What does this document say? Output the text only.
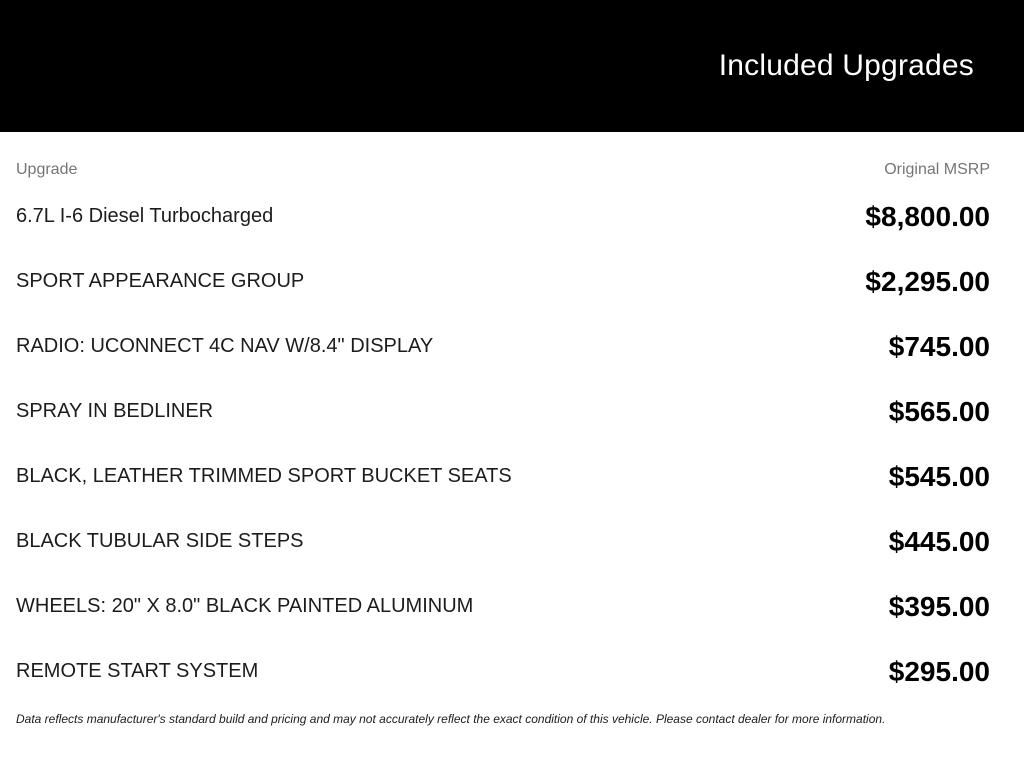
Included Upgrades
Upgrade	Original MSRP
6.7L I-6 Diesel Turbocharged	$8,800.00
SPORT APPEARANCE GROUP	$2,295.00
RADIO: UCONNECT 4C NAV W/8.4" DISPLAY	$745.00
SPRAY IN BEDLINER	$565.00
BLACK, LEATHER TRIMMED SPORT BUCKET SEATS	$545.00
BLACK TUBULAR SIDE STEPS	$445.00
WHEELS: 20" X 8.0" BLACK PAINTED ALUMINUM	$395.00
REMOTE START SYSTEM	$295.00
Data reflects manufacturer's standard build and pricing and may not accurately reflect the exact condition of this vehicle. Please contact dealer for more information.
